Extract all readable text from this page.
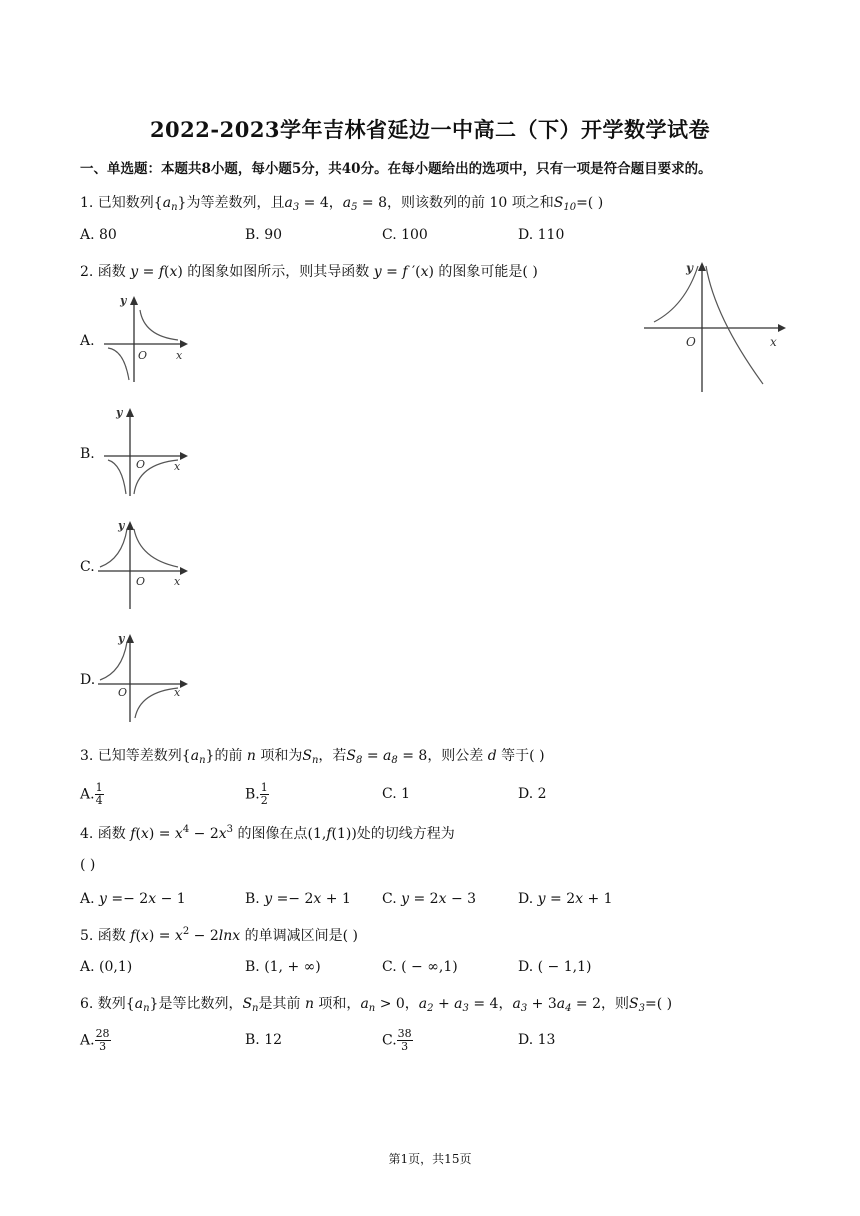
2022-2023学年吉林省延边一中高二（下）开学数学试卷
一、单选题：本题共8小题，每小题5分，共40分。在每小题给出的选项中，只有一项是符合题目要求的。
1. 已知数列$\{a_n\}$为等差数列，且$a_3 = 4$，$a_5 = 8$，则该数列的前 10 项之和$S_{10}=$( )
A. 80	B. 90	C. 100	D. 110
2. 函数 y = f(x) 的图象如图所示，则其导函数 y = f ′(x) 的图象可能是( )	y
O	x
A.
y
O	x
B.
y
O	x
C.
y
O	x
D.
y
O	x
3. 已知等差数列$\{a_n\}$的前 n 项和为$S_n$，若$S_8 = a_8 = 8$，则公差 d 等于( )
A. $\frac{1}{4}$	B. $\frac{1}{2}$	C. 1	D. 2
4. 函数 $f(x) = x^4 - 2x^3$ 的图像在点(1,f(1))处的切线方程为
( )
A. y =− 2x − 1	B. y =− 2x + 1 C. y = 2x − 3	D. y = 2x + 1
5. 函数 $f(x) = x^2 - 2\ln x$ 的单调减区间是( )
A. (0,1)	B. (1, + ∞)	C. ( − ∞,1)	D. ( − 1,1)
6. 数列$\{a_n\}$是等比数列，$S_n$是其前 n 项和，$a_n > 0$，$a_2 + a_3 = 4$，$a_3 + 3a_4 = 2$，则$S_3=$( )
A. $\frac{28}{3}$	B. 12	C. $\frac{38}{3}$	D. 13
第1页，共15页
